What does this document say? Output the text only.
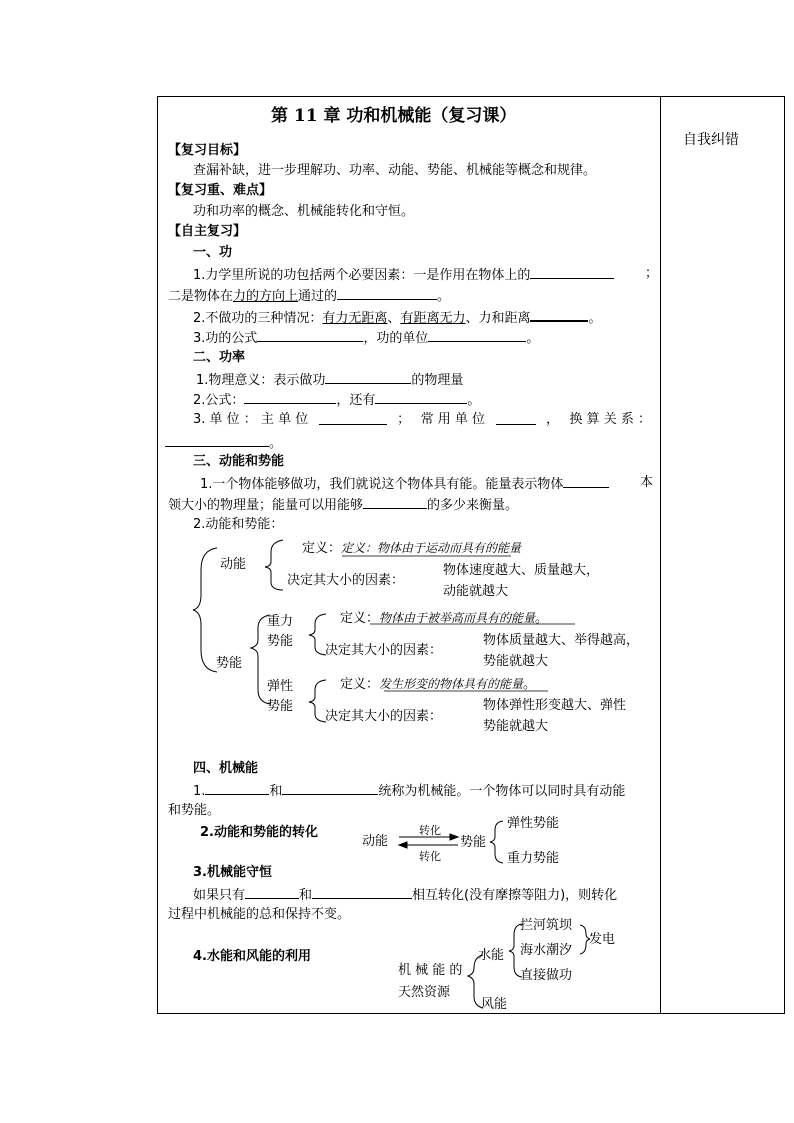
第 11 章 功和机械能（复习课）
自我纠错
【复习目标】
查漏补缺，进一步理解功、功率、动能、势能、机械能等概念和规律。
【复习重、难点】
功和功率的概念、机械能转化和守恒。
【自主复习】
一、功
1.力学里所说的功包括两个必要因素：一是作用在物体上的	；
二是物体在力的方向上通过的	。
2.不做功的三种情况：有力无距离、有距离无力、力和距离	。
3.功的公式	，功的单位	。
二、功率
1.物理意义：表示做功	的物理量
2.公式：	，还有	。
3. 单 位 ： 主 单 位	； 常 用 单 位	， 换 算 关 系 ：
。
三、动能和势能
1.一个物体能够做功，我们就说这个物体具有能。能量表示物体	本
领大小的物理量；能量可以用能够	的多少来衡量。
2.动能和势能：
动能
定义：定义：物体由于运动而具有的能量
决定其大小的因素：
物体速度越大、质量越大，
动能就越大
势能
重力
势能
定义：物体由于被举高而具有的能量。
决定其大小的因素：
物体质量越大、举得越高，
势能就越大
弹性
势能
定义：发生形变的物体具有的能量。
决定其大小的因素：
物体弹性形变越大、弹性
势能就越大
四、机械能
1.	和	统称为机械能。一个物体可以同时具有动能
和势能。
2.动能和势能的转化
动能
转化
转化
势能
弹性势能
重力势能
3.机械能守恒
如果只有	和	相互转化(没有摩擦等阻力)，则转化
过程中机械能的总和保持不变。
4.水能和风能的利用
机 械 能 的
天然资源
水能
风能
拦河筑坝
海水潮汐
直接做功
发电
